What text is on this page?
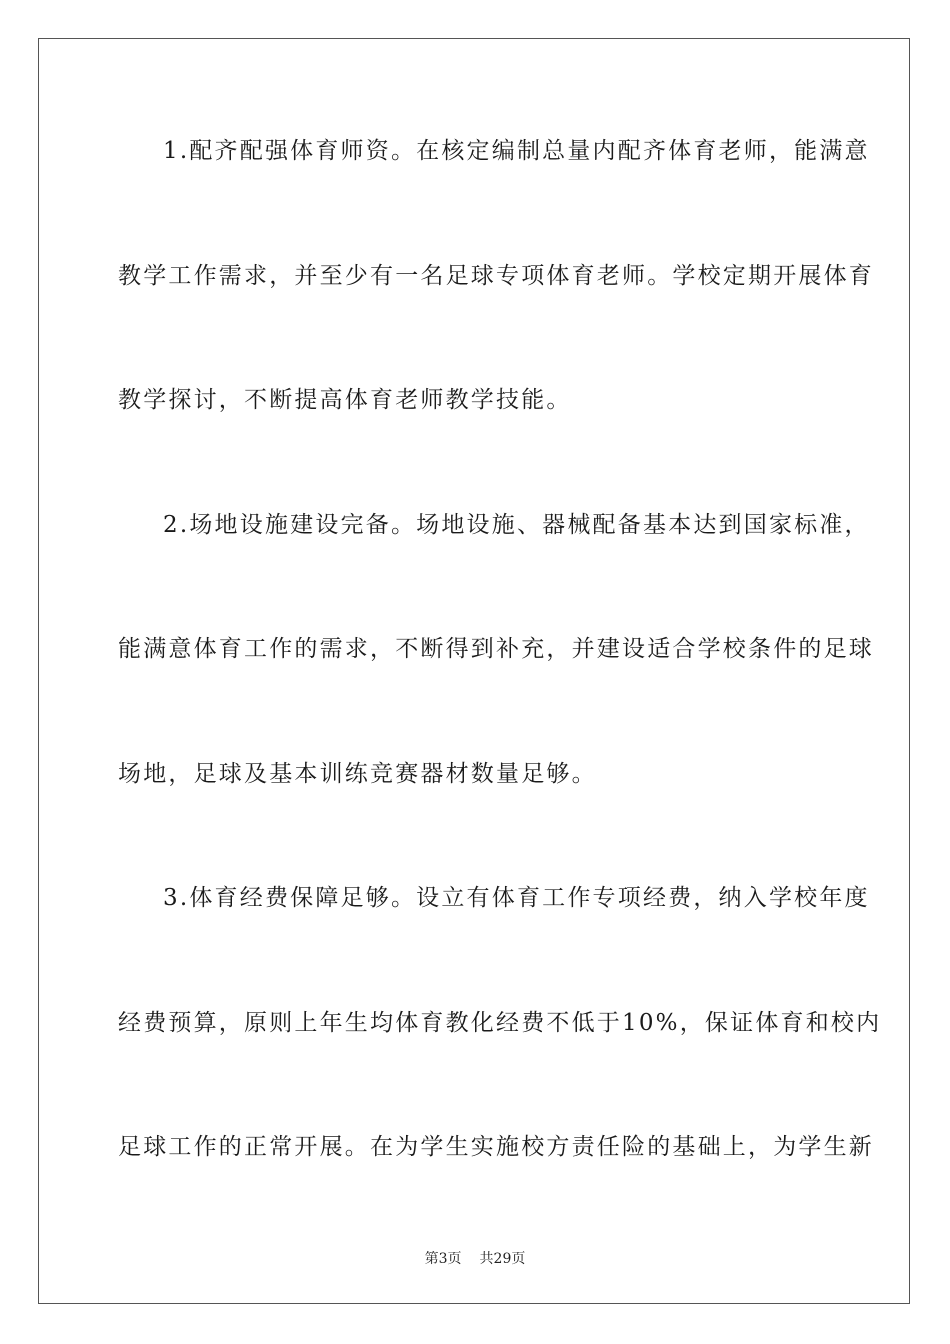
1.配齐配强体育师资。在核定编制总量内配齐体育老师，能满意
教学工作需求，并至少有一名足球专项体育老师。学校定期开展体育
教学探讨，不断提高体育老师教学技能。
2.场地设施建设完备。场地设施、器械配备基本达到国家标准，
能满意体育工作的需求，不断得到补充，并建设适合学校条件的足球
场地，足球及基本训练竞赛器材数量足够。
3.体育经费保障足够。设立有体育工作专项经费，纳入学校年度
经费预算，原则上年生均体育教化经费不低于10%，保证体育和校内
足球工作的正常开展。在为学生实施校方责任险的基础上，为学生新
第3页 共29页
